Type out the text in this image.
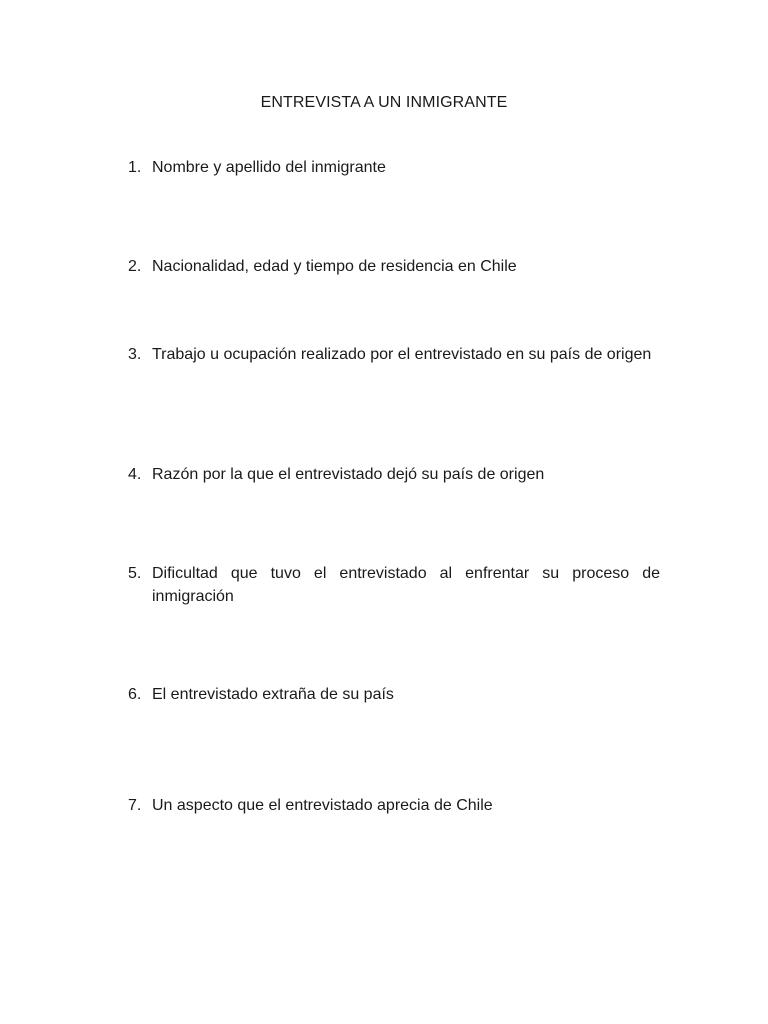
ENTREVISTA A UN INMIGRANTE
1. Nombre y apellido del inmigrante
2. Nacionalidad, edad y tiempo de residencia en Chile
3. Trabajo u ocupación realizado por el entrevistado en su país de origen
4. Razón por la que el entrevistado dejó su país de origen
5. Dificultad que tuvo el entrevistado al enfrentar su proceso de inmigración
6. El entrevistado extraña de su país
7. Un aspecto que el entrevistado aprecia de Chile
